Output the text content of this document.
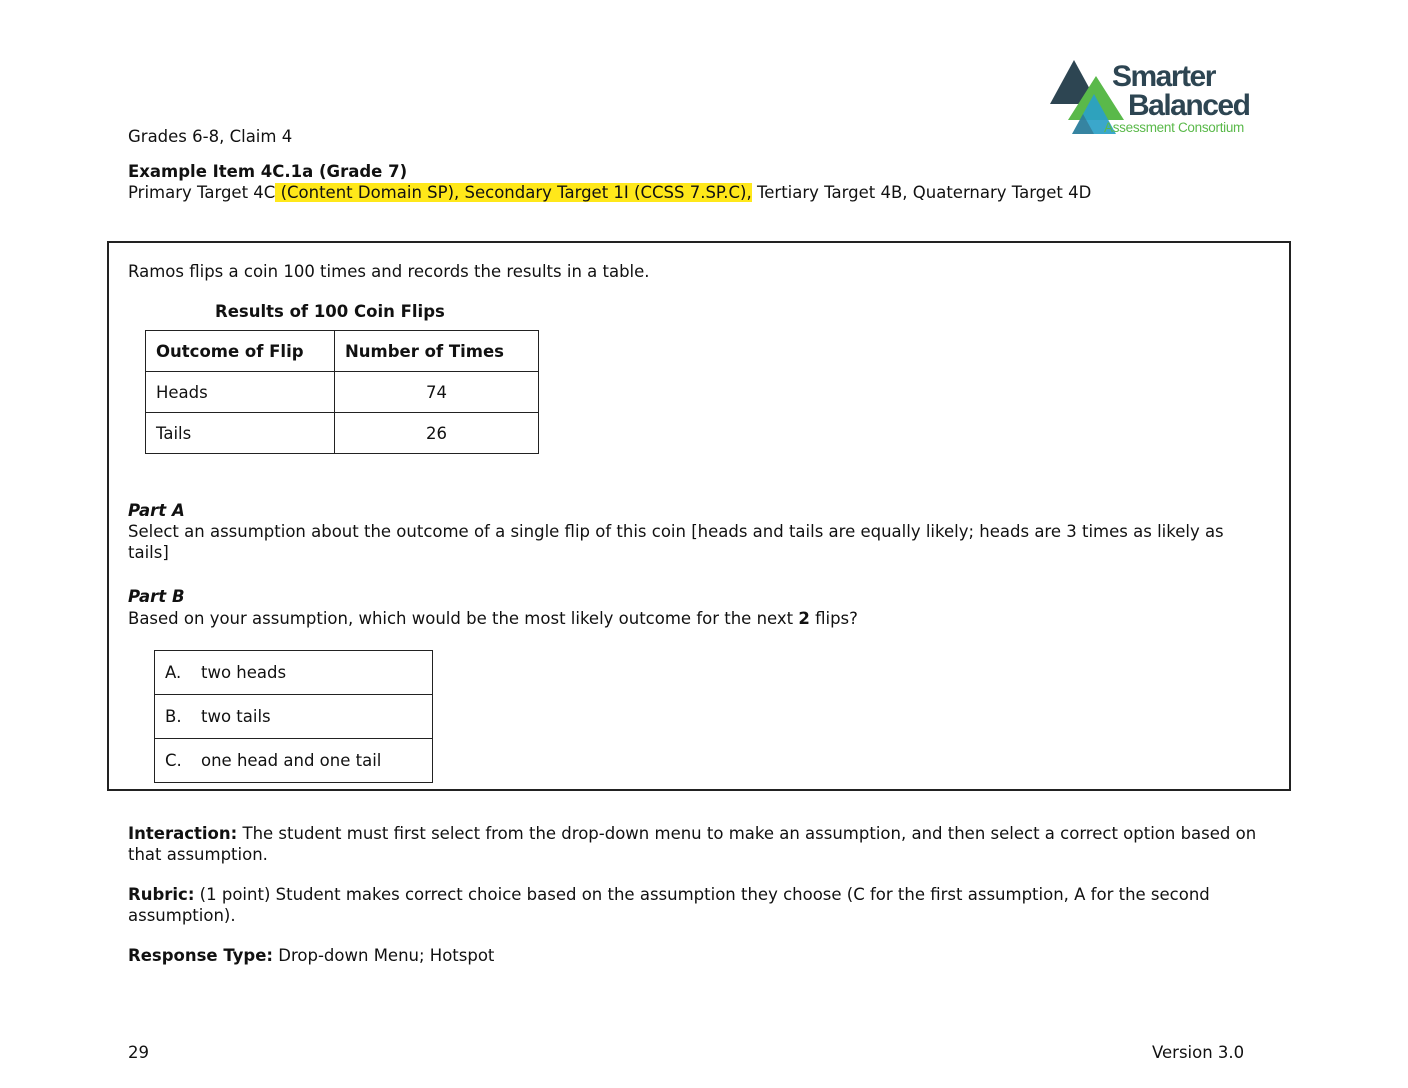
Smarter
Balanced
Assessment Consortium
Grades 6-8, Claim 4
Example Item 4C.1a (Grade 7)
Primary Target 4C (Content Domain SP), Secondary Target 1I (CCSS 7.SP.C), Tertiary Target 4B, Quaternary Target 4D
Ramos flips a coin 100 times and records the results in a table.
Results of 100 Coin Flips
Outcome of Flip	Number of Times
Heads	74
Tails	26
Part A
Select an assumption about the outcome of a single flip of this coin [heads and tails are equally likely; heads are 3 times as likely as tails]
Part B
Based on your assumption, which would be the most likely outcome for the next 2 flips?
A. two heads
B. two tails
C. one head and one tail
Interaction: The student must first select from the drop-down menu to make an assumption, and then select a correct option based on that assumption.
Rubric: (1 point) Student makes correct choice based on the assumption they choose (C for the first assumption, A for the second assumption).
Response Type: Drop-down Menu; Hotspot
29	Version 3.0
